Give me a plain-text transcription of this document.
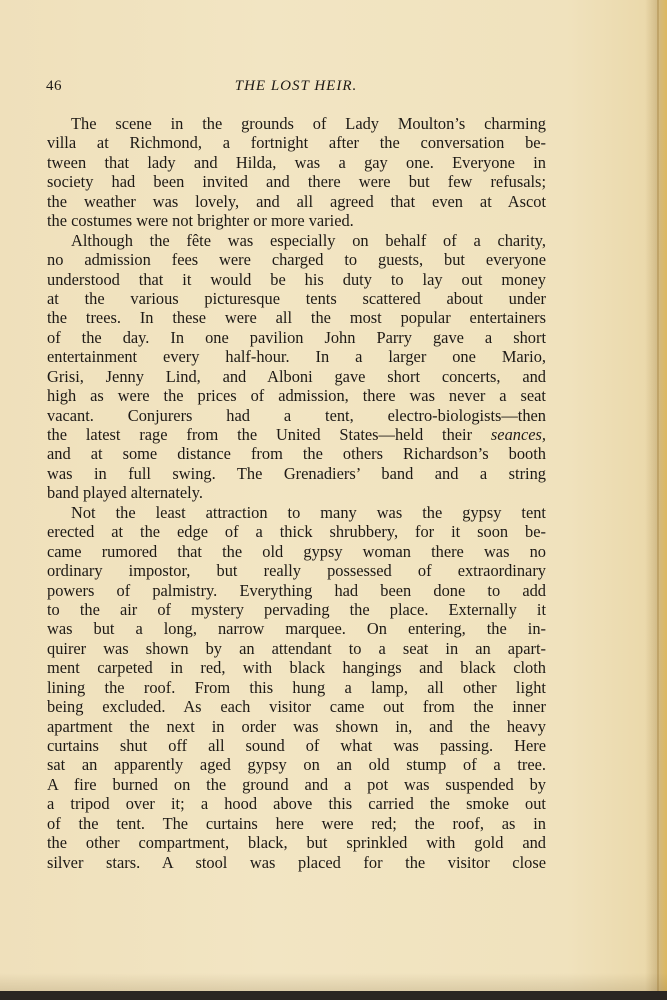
46	THE LOST HEIR.
The scene in the grounds of Lady Moulton’s charming
villa at Richmond, a fortnight after the conversation be-
tween that lady and Hilda, was a gay one. Everyone in
society had been invited and there were but few refusals;
the weather was lovely, and all agreed that even at Ascot
the costumes were not brighter or more varied.
Although the fête was especially on behalf of a charity,
no admission fees were charged to guests, but everyone
understood that it would be his duty to lay out money
at the various picturesque tents scattered about under
the trees. In these were all the most popular entertainers
of the day. In one pavilion John Parry gave a short
entertainment every half-hour. In a larger one Mario,
Grisi, Jenny Lind, and Alboni gave short concerts, and
high as were the prices of admission, there was never a seat
vacant. Conjurers had a tent, electro-biologists—then
the latest rage from the United States—held their seances,
and at some distance from the others Richardson’s booth
was in full swing. The Grenadiers’ band and a string
band played alternately.
Not the least attraction to many was the gypsy tent
erected at the edge of a thick shrubbery, for it soon be-
came rumored that the old gypsy woman there was no
ordinary impostor, but really possessed of extraordinary
powers of palmistry. Everything had been done to add
to the air of mystery pervading the place. Externally it
was but a long, narrow marquee. On entering, the in-
quirer was shown by an attendant to a seat in an apart-
ment carpeted in red, with black hangings and black cloth
lining the roof. From this hung a lamp, all other light
being excluded. As each visitor came out from the inner
apartment the next in order was shown in, and the heavy
curtains shut off all sound of what was passing. Here
sat an apparently aged gypsy on an old stump of a tree.
A fire burned on the ground and a pot was suspended by
a tripod over it; a hood above this carried the smoke out
of the tent. The curtains here were red; the roof, as in
the other compartment, black, but sprinkled with gold and
silver stars. A stool was placed for the visitor close
